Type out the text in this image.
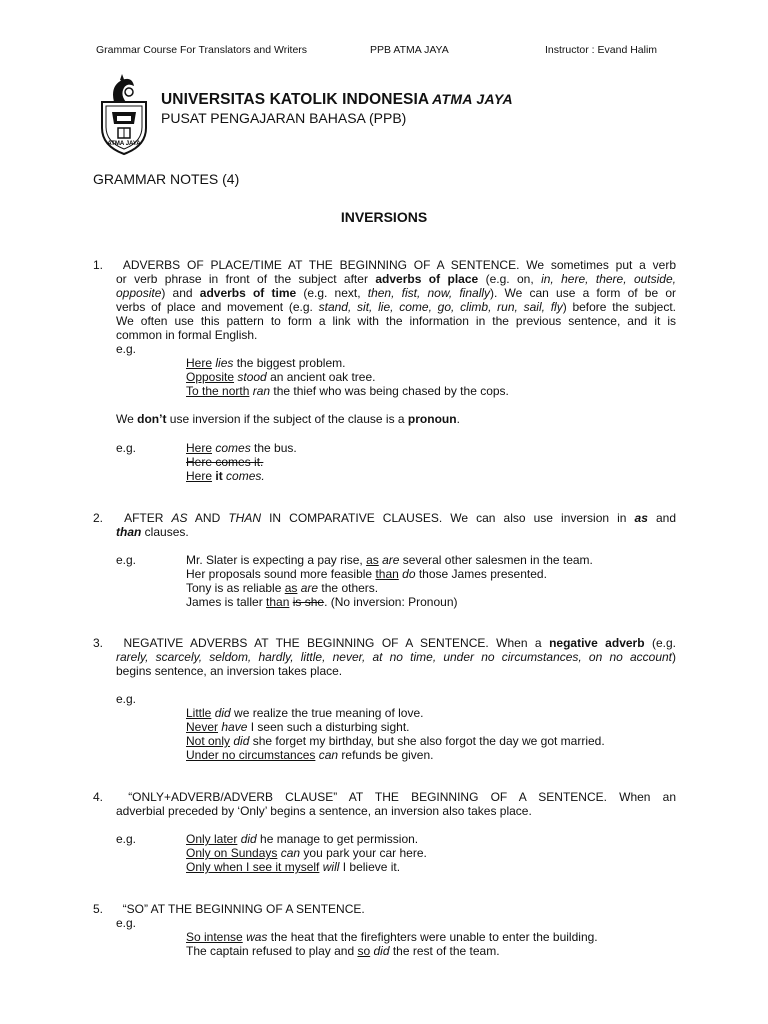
Grammar Course For Translators and Writers	PPB ATMA JAYA	Instructor : Evand Halim
ATMA JAYA
UNIVERSITAS KATOLIK INDONESIA ATMA JAYA
PUSAT PENGAJARAN BAHASA (PPB)
GRAMMAR NOTES (4)
INVERSIONS
1.	ADVERBS OF PLACE/TIME AT THE BEGINNING OF A SENTENCE. We sometimes put a verb
or verb phrase in front of the subject after adverbs of place (e.g. on, in, here, there, outside,
opposite) and adverbs of time (e.g. next, then, fist, now, finally). We can use a form of be or
verbs of place and movement (e.g. stand, sit, lie, come, go, climb, run, sail, fly) before the subject.
We often use this pattern to form a link with the information in the previous sentence, and it is
common in formal English.
e.g.
Here lies the biggest problem.
Opposite stood an ancient oak tree.
To the north ran the thief who was being chased by the cops.
We don’t use inversion if the subject of the clause is a pronoun.
e.g.	Here comes the bus.
Here comes it.
Here it comes.
2.	AFTER AS AND THAN IN COMPARATIVE CLAUSES. We can also use inversion in as and
than clauses.
e.g.	Mr. Slater is expecting a pay rise, as are several other salesmen in the team.
Her proposals sound more feasible than do those James presented.
Tony is as reliable as are the others.
James is taller than is she. (No inversion: Pronoun)
3.	NEGATIVE ADVERBS AT THE BEGINNING OF A SENTENCE. When a negative adverb (e.g.
rarely, scarcely, seldom, hardly, little, never, at no time, under no circumstances, on no account)
begins sentence, an inversion takes place.
e.g.
Little did we realize the true meaning of love.
Never have I seen such a disturbing sight.
Not only did she forget my birthday, but she also forgot the day we got married.
Under no circumstances can refunds be given.
4.	“ONLY+ADVERB/ADVERB CLAUSE” AT THE BEGINNING OF A SENTENCE. When an
adverbial preceded by ‘Only’ begins a sentence, an inversion also takes place.
e.g.	Only later did he manage to get permission.
Only on Sundays can you park your car here.
Only when I see it myself will I believe it.
5.	“SO” AT THE BEGINNING OF A SENTENCE.
e.g.
So intense was the heat that the firefighters were unable to enter the building.
The captain refused to play and so did the rest of the team.
